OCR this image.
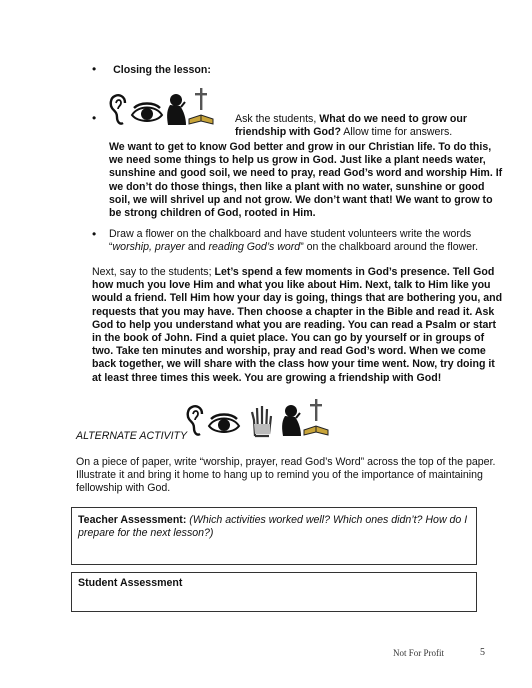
• Closing the lesson:
•	Ask the students, What do we need to grow our friendship with God? Allow time for answers.

We want to get to know God better and grow in our Christian life. To do this, we need some things to help us grow in God. Just like a plant needs water, sunshine and good soil, we need to pray, read God’s word and worship Him. If we don’t do those things, then like a plant with no water, sunshine or good soil, we will shrivel up and not grow. We don’t want that! We want to grow to be strong children of God, rooted in Him.

• Draw a flower on the chalkboard and have student volunteers write the words “worship, prayer and reading God’s word” on the chalkboard around the flower.

Next, say to the students; Let’s spend a few moments in God’s presence. Tell God how much you love Him and what you like about Him. Next, talk to Him like you would a friend. Tell Him how your day is going, things that are bothering you, and requests that you may have. Then choose a chapter in the Bible and read it. Ask God to help you understand what you are reading. You can read a Psalm or start in the book of John. Find a quiet place. You can go by yourself or in groups of two. Take ten minutes and worship, pray and read God’s word. When we come back together, we will share with the class how your time went. Now, try doing it at least three times this week. You are growing a friendship with God!

ALTERNATE ACTIVITY

On a piece of paper, write “worship, prayer, read God’s Word” across the top of the paper. Illustrate it and bring it home to hang up to remind you of the importance of maintaining fellowship with God.

Teacher Assessment: (Which activities worked well? Which ones didn’t? How do I prepare for the next lesson?)
Student Assessment
Not For Profit	5
